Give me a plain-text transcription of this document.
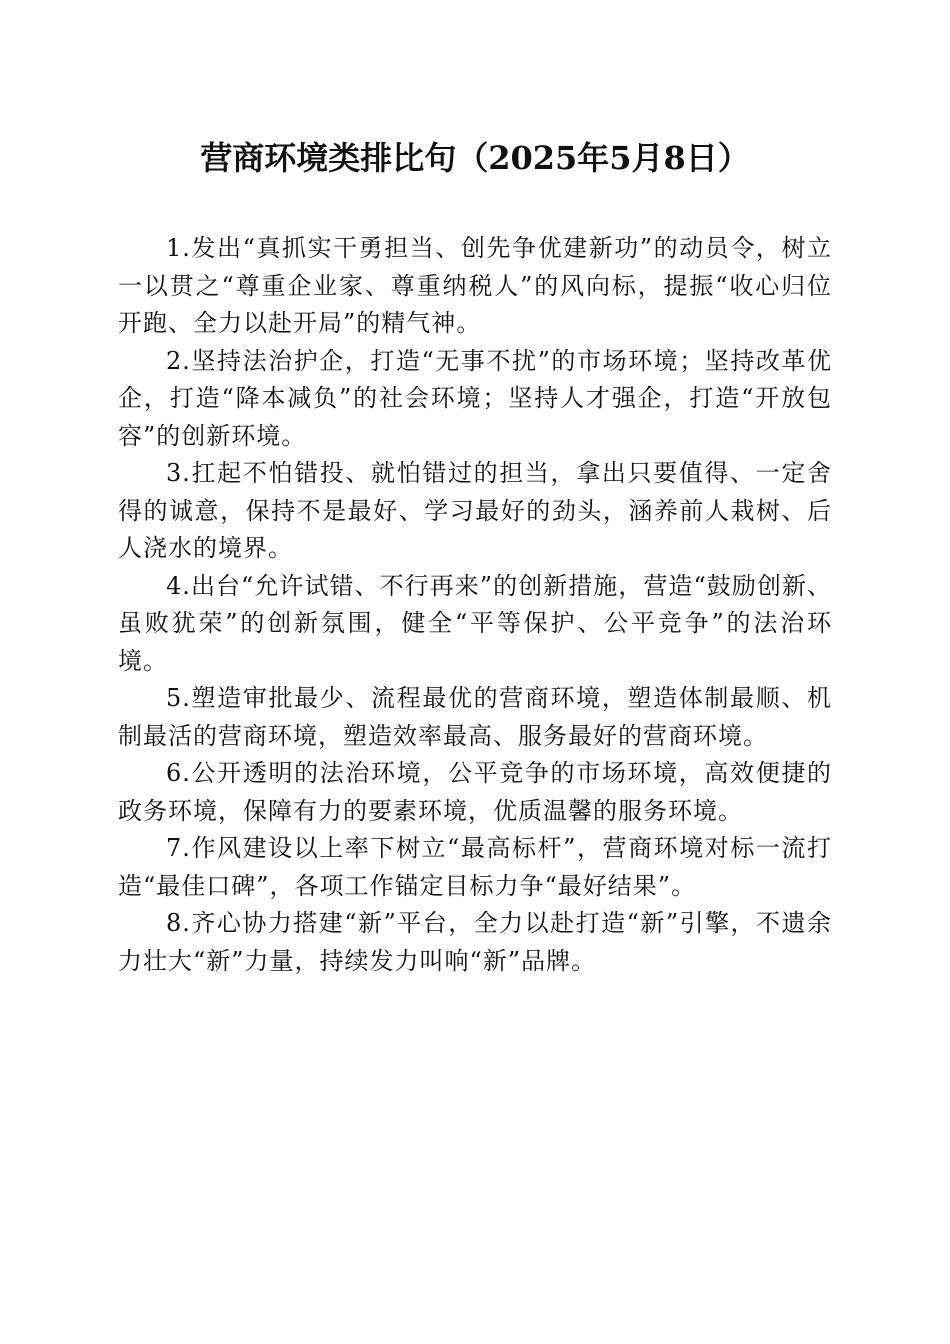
营商环境类排比句（2025年5月8日）

1.发出“真抓实干勇担当、创先争优建新功”的动员令，树立一以贯之“尊重企业家、尊重纳税人”的风向标，提振“收心归位开跑、全力以赴开局”的精气神。

2.坚持法治护企，打造“无事不扰”的市场环境；坚持改革优企，打造“降本减负”的社会环境；坚持人才强企，打造“开放包容”的创新环境。

3.扛起不怕错投、就怕错过的担当，拿出只要值得、一定舍得的诚意，保持不是最好、学习最好的劲头，涵养前人栽树、后人浇水的境界。

4.出台“允许试错、不行再来”的创新措施，营造“鼓励创新、虽败犹荣”的创新氛围，健全“平等保护、公平竞争”的法治环境。

5.塑造审批最少、流程最优的营商环境，塑造体制最顺、机制最活的营商环境，塑造效率最高、服务最好的营商环境。

6.公开透明的法治环境，公平竞争的市场环境，高效便捷的政务环境，保障有力的要素环境，优质温馨的服务环境。

7.作风建设以上率下树立“最高标杆”，营商环境对标一流打造“最佳口碑”，各项工作锚定目标力争“最好结果”。

8.齐心协力搭建“新”平台，全力以赴打造“新”引擎，不遗余力壮大“新”力量，持续发力叫响“新”品牌。
